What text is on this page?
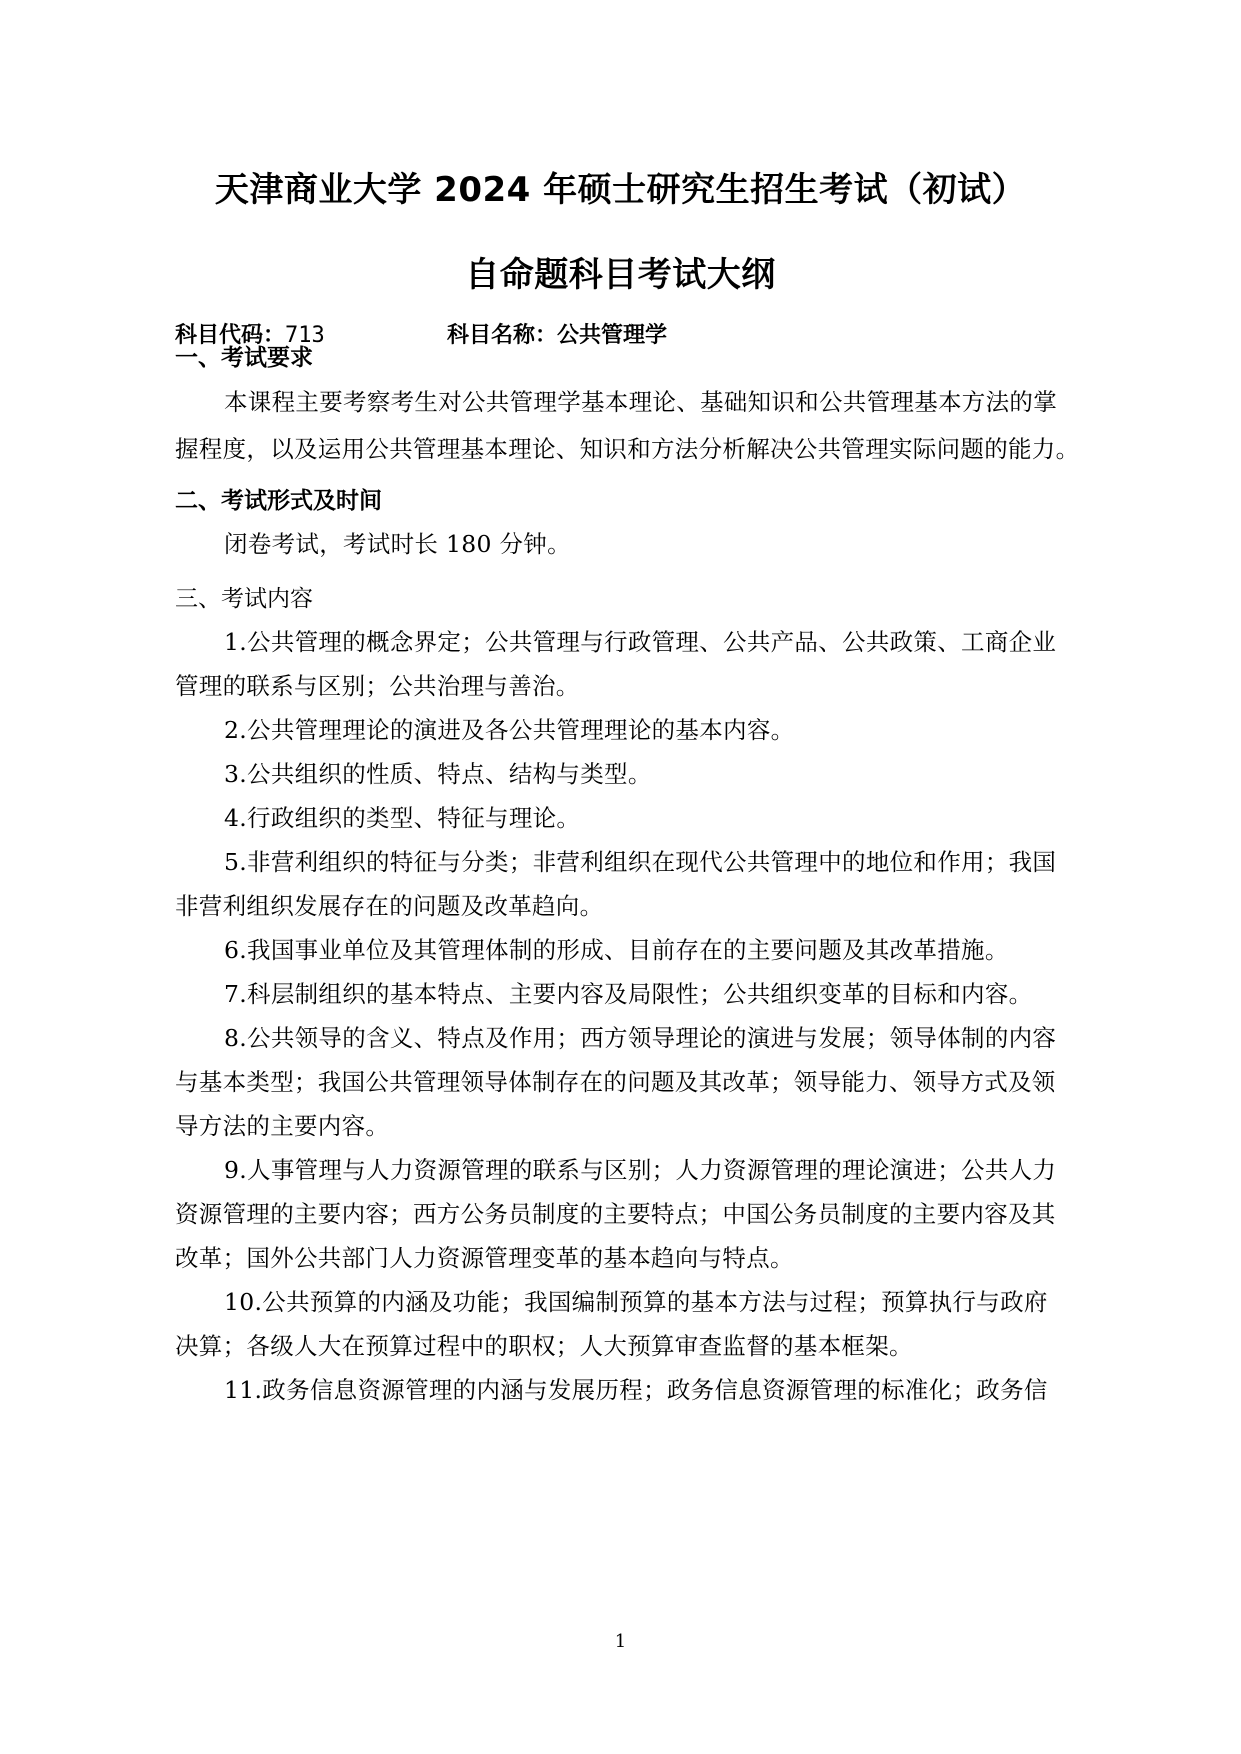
天津商业大学 2024 年硕士研究生招生考试（初试）
自命题科目考试大纲
科目代码：713	科目名称：公共管理学
一、考试要求
本课程主要考察考生对公共管理学基本理论、基础知识和公共管理基本方法的掌
握程度，以及运用公共管理基本理论、知识和方法分析解决公共管理实际问题的能力。
二、考试形式及时间
闭卷考试，考试时长 180 分钟。
三、考试内容
1.公共管理的概念界定；公共管理与行政管理、公共产品、公共政策、工商企业
管理的联系与区别；公共治理与善治。
2.公共管理理论的演进及各公共管理理论的基本内容。
3.公共组织的性质、特点、结构与类型。
4.行政组织的类型、特征与理论。
5.非营利组织的特征与分类；非营利组织在现代公共管理中的地位和作用；我国
非营利组织发展存在的问题及改革趋向。
6.我国事业单位及其管理体制的形成、目前存在的主要问题及其改革措施。
7.科层制组织的基本特点、主要内容及局限性；公共组织变革的目标和内容。
8.公共领导的含义、特点及作用；西方领导理论的演进与发展；领导体制的内容
与基本类型；我国公共管理领导体制存在的问题及其改革；领导能力、领导方式及领
导方法的主要内容。
9.人事管理与人力资源管理的联系与区别；人力资源管理的理论演进；公共人力
资源管理的主要内容；西方公务员制度的主要特点；中国公务员制度的主要内容及其
改革；国外公共部门人力资源管理变革的基本趋向与特点。
10.公共预算的内涵及功能；我国编制预算的基本方法与过程；预算执行与政府
决算；各级人大在预算过程中的职权；人大预算审查监督的基本框架。
11.政务信息资源管理的内涵与发展历程；政务信息资源管理的标准化；政务信
1
